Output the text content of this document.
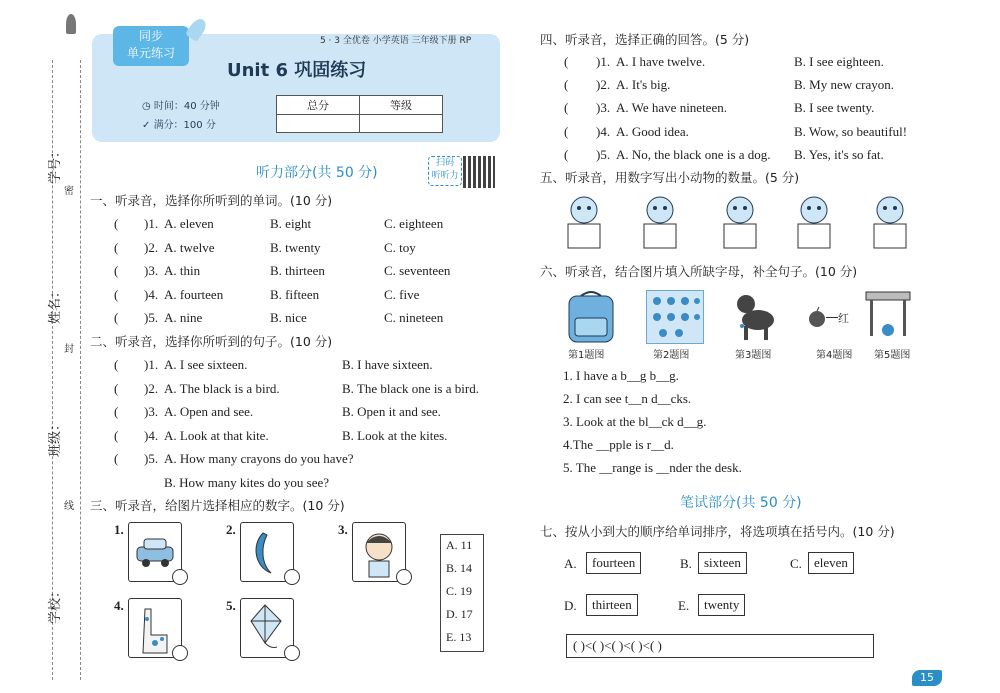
学号：
姓名：
班级：
学校：
密
封
线
同步
单元练习
5 · 3 全优卷 小学英语 三年级下册 RP
Unit 6 巩固练习
◷ 时间：40 分钟
✓ 满分：100 分
总分	等级

听力部分(共 50 分)
扫码
听听力
一、听录音，选择你所听到的单词。(10 分)
( )1. A. eleven	B. eight	C. eighteen
( )2. A. twelve	B. twenty	C. toy
( )3. A. thin	B. thirteen	C. seventeen
( )4. A. fourteen	B. fifteen	C. five
( )5. A. nine	B. nice	C. nineteen
二、听录音，选择你所听到的句子。(10 分)
( )1. A. I see sixteen.	B. I have sixteen.
( )2. A. The black is a bird.	B. The black one is a bird.
( )3. A. Open and see.	B. Open it and see.
( )4. A. Look at that kite.	B. Look at the kites.
( )5. A. How many crayons do you have?
B. How many kites do you see?
三、听录音，给图片选择相应的数字。(10 分)
1.	2.	3.
4.	5.
A. 11
B. 14
C. 19
D. 17
E. 13
四、听录音，选择正确的回答。(5 分)
( )1. A. I have twelve.	B. I see eighteen.
( )2. A. It's big.	B. My new crayon.
( )3. A. We have nineteen.	B. I see twenty.
( )4. A. Good idea.	B. Wow, so beautiful!
( )5. A. No, the black one is a dog. B. Yes, it's so fat.
五、听录音，用数字写出小动物的数量。(5 分)
六、听录音，结合图片填入所缺字母，补全句子。(10 分)
红
第1题图	第2题图	第3题图	第4题图 第5题图
1. I have a b__g b__g.
2. I can see t__n d__cks.
3. Look at the bl__ck d__g.
4.The __pple is r__d.
5. The __range is __nder the desk.
笔试部分(共 50 分)
七、按从小到大的顺序给单词排序，将选项填在括号内。(10 分)
A.	fourteen	B. sixteen	C. eleven
D.	thirteen	E.	twenty
( )<( )<( )<( )<( )
15
